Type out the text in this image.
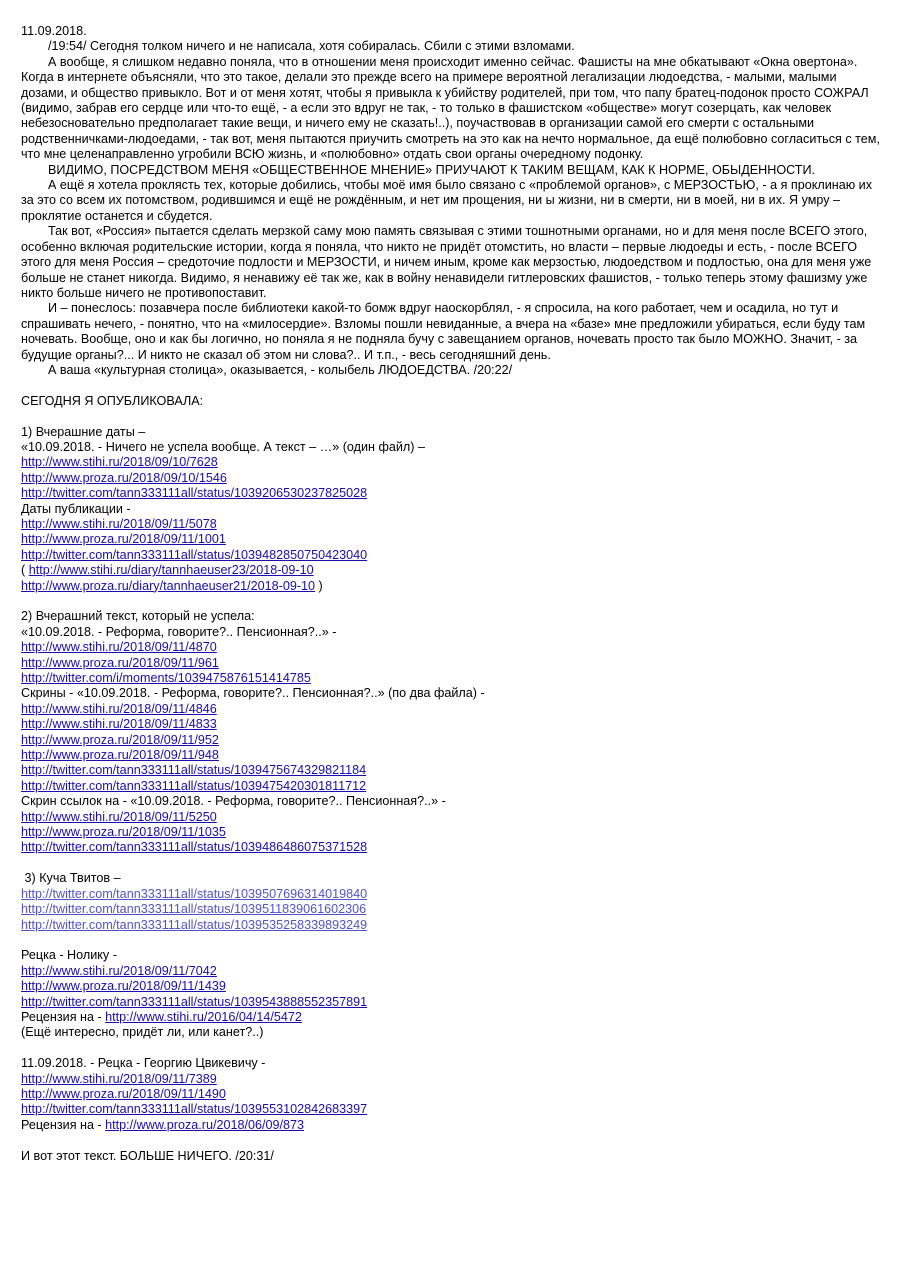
11.09.2018.

/19:54/ Сегодня толком ничего и не написала, хотя собиралась. Сбили с этими взломами.

А вообще, я слишком недавно поняла, что в отношении меня происходит именно сейчас. Фашисты на мне обкатывают «Окна овертона». Когда в интернете объясняли, что это такое, делали это прежде всего на примере вероятной легализации людоедства, - малыми, малыми дозами, и общество привыкло. Вот и от меня хотят, чтобы я привыкла к убийству родителей, при том, что папу братец-подонок просто СОЖРАЛ (видимо, забрав его сердце или что-то ещё, - а если это вдруг не так, - то только в фашистском «обществе» могут созерцать, как человек небезосновательно предполагает такие вещи, и ничего ему не сказать!..), поучаствовав в организации самой его смерти с остальными родственничками-людоедами, - так вот, меня пытаются приучить смотреть на это как на нечто нормальное, да ещё полюбовно согласиться с тем, что мне целенаправленно угробили ВСЮ жизнь, и «полюбовно» отдать свои органы очередному подонку.

ВИДИМО, ПОСРЕДСТВОМ МЕНЯ «ОБЩЕСТВЕННОЕ МНЕНИЕ» ПРИУЧАЮТ К ТАКИМ ВЕЩАМ, КАК К НОРМЕ, ОБЫДЕННОСТИ.

А ещё я хотела проклясть тех, которые добились, чтобы моё имя было связано с «проблемой органов», с МЕРЗОСТЬЮ, - а я проклинаю их за это со всем их потомством, родившимся и ещё не рождённым, и нет им прощения, ни ы жизни, ни в смерти, ни в моей, ни в их. Я умру – проклятие останется и сбудется.

Так вот, «Россия» пытается сделать мерзкой саму мою память связывая с этими тошнотными органами, но и для меня после ВСЕГО этого, особенно включая родительские истории, когда я поняла, что никто не придёт отомстить, но власти – первые людоеды и есть, - после ВСЕГО этого для меня Россия – средоточие подлости и МЕРЗОСТИ, и ничем иным, кроме как мерзостью, людоедством и подлостью, она для меня уже больше не станет никогда. Видимо, я ненавижу её так же, как в войну ненавидели гитлеровских фашистов, - только теперь этому фашизму уже никто больше ничего не противопоставит.

И – понеслось: позавчера после библиотеки какой-то бомж вдруг наоскорблял, - я спросила, на кого работает, чем и осадила, но тут и спрашивать нечего, - понятно, что на «милосердие». Взломы пошли невиданные, а вчера на «базе» мне предложили убираться, если буду там ночевать. Вообще, оно и как бы логично, но поняла я не подняла бучу с завещанием органов, ночевать просто так было МОЖНО. Значит, - за будущие органы?... И никто не сказал об этом ни слова?.. И т.п., - весь сегодняшний день.

А ваша «культурная столица», оказывается, - колыбель ЛЮДОЕДСТВА. /20:22/

СЕГОДНЯ Я ОПУБЛИКОВАЛА:

1) Вчерашние даты –

«10.09.2018. - Ничего не успела вообще. А текст – …» (один файл) –

http://www.stihi.ru/2018/09/10/7628

http://www.proza.ru/2018/09/10/1546

http://twitter.com/tann333111all/status/1039206530237825028

Даты публикации -

http://www.stihi.ru/2018/09/11/5078

http://www.proza.ru/2018/09/11/1001

http://twitter.com/tann333111all/status/1039482850750423040

( http://www.stihi.ru/diary/tannhaeuser23/2018-09-10

http://www.proza.ru/diary/tannhaeuser21/2018-09-10 )

2) Вчерашний текст, который не успела:

«10.09.2018. - Реформа, говорите?.. Пенсионная?..» -

http://www.stihi.ru/2018/09/11/4870

http://www.proza.ru/2018/09/11/961

http://twitter.com/i/moments/1039475876151414785

Скрины - «10.09.2018. - Реформа, говорите?.. Пенсионная?..» (по два файла) -

http://www.stihi.ru/2018/09/11/4846

http://www.stihi.ru/2018/09/11/4833

http://www.proza.ru/2018/09/11/952

http://www.proza.ru/2018/09/11/948

http://twitter.com/tann333111all/status/1039475674329821184

http://twitter.com/tann333111all/status/1039475420301811712

Скрин ссылок на - «10.09.2018. - Реформа, говорите?.. Пенсионная?..» -

http://www.stihi.ru/2018/09/11/5250

http://www.proza.ru/2018/09/11/1035

http://twitter.com/tann333111all/status/1039486486075371528

3) Куча Твитов –

http://twitter.com/tann333111all/status/1039507696314019840

http://twitter.com/tann333111all/status/1039511839061602306

http://twitter.com/tann333111all/status/1039535258339893249

Рецка - Нолику -

http://www.stihi.ru/2018/09/11/7042

http://www.proza.ru/2018/09/11/1439

http://twitter.com/tann333111all/status/1039543888552357891

Рецензия на - http://www.stihi.ru/2016/04/14/5472

(Ещё интересно, придёт ли, или канет?..)

11.09.2018. - Рецка - Георгию Цвикевичу -

http://www.stihi.ru/2018/09/11/7389

http://www.proza.ru/2018/09/11/1490

http://twitter.com/tann333111all/status/1039553102842683397

Рецензия на - http://www.proza.ru/2018/06/09/873

И вот этот текст. БОЛЬШЕ НИЧЕГО. /20:31/
